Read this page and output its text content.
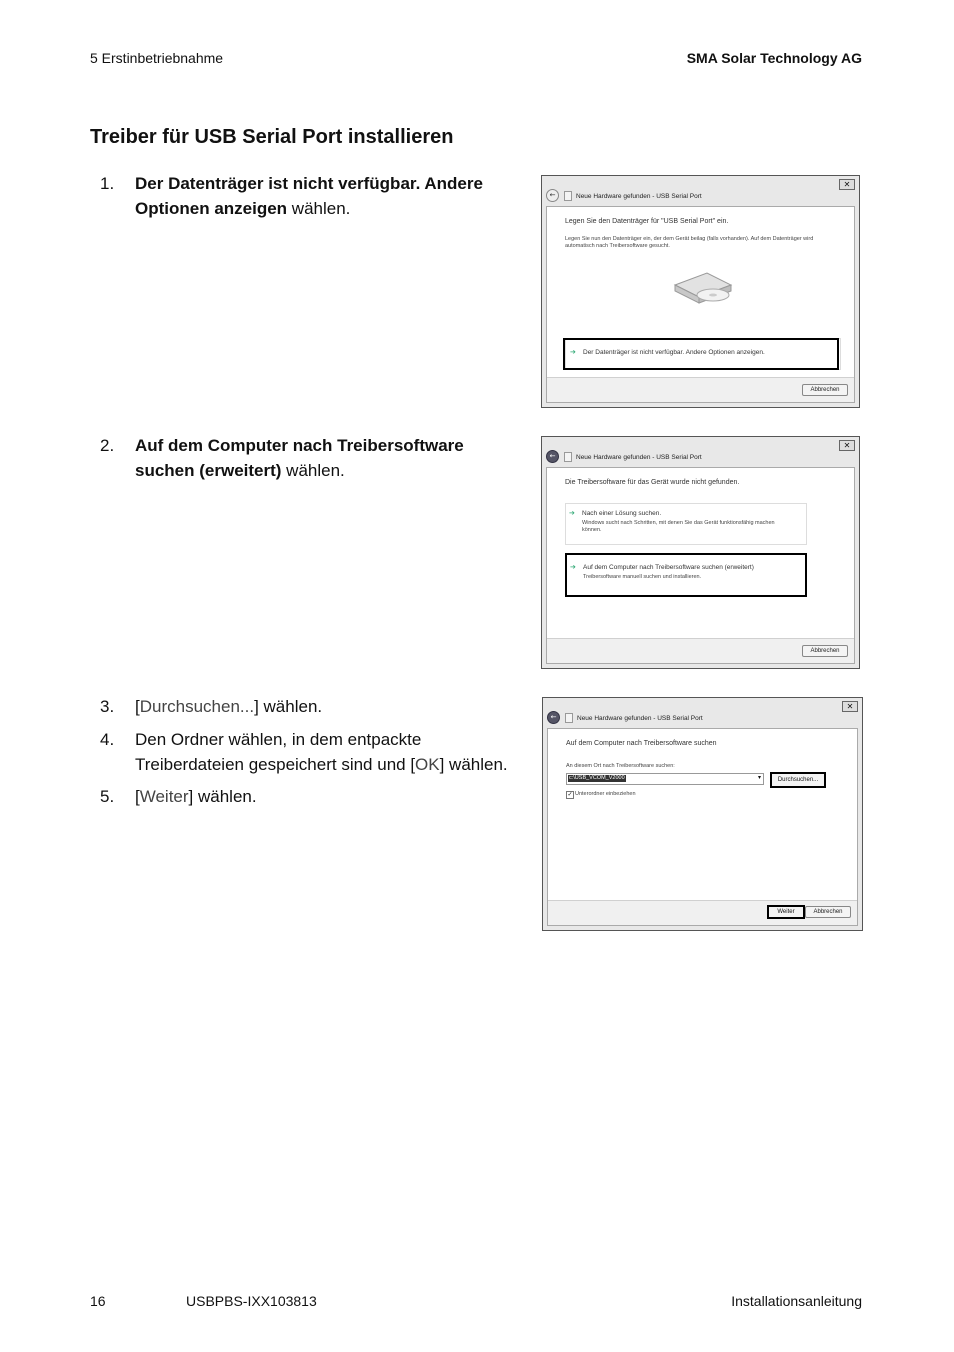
5 Erstinbetriebnahme	SMA Solar Technology AG
Treiber für USB Serial Port installieren
1.	Der Datenträger ist nicht verfügbar. Andere Optionen anzeigen wählen.
2.	Auf dem Computer nach Treibersoftware suchen (erweitert) wählen.
3.	[Durchsuchen...] wählen.
4.	Den Ordner wählen, in dem entpackte
Treiberdateien gespeichert sind und [OK] wählen.
5.	[Weiter] wählen.
✕
←	Neue Hardware gefunden - USB Serial Port
Legen Sie den Datenträger für "USB Serial Port" ein.
Legen Sie nun den Datenträger ein, der dem Gerät beilag (falls vorhanden). Auf dem Datenträger wird
automatisch nach Treibersoftware gesucht.
➔ Der Datenträger ist nicht verfügbar. Andere Optionen anzeigen.
Abbrechen
✕
←	Neue Hardware gefunden - USB Serial Port
Die Treibersoftware für das Gerät wurde nicht gefunden.
➔ Nach einer Lösung suchen.
Windows sucht nach Schritten, mit denen Sie das Gerät funktionsfähig machen
können.
➔ Auf dem Computer nach Treibersoftware suchen (erweitert)
Treibersoftware manuell suchen und installieren.
Abbrechen
✕
←	Neue Hardware gefunden - USB Serial Port
Auf dem Computer nach Treibersoftware suchen
An diesem Ort nach Treibersoftware suchen:
c:\USB_VCOM_V2000	▾	Durchsuchen...
✓ Unterordner einbeziehen
Weiter	Abbrechen
16	USBPBS-IXX103813	Installationsanleitung
